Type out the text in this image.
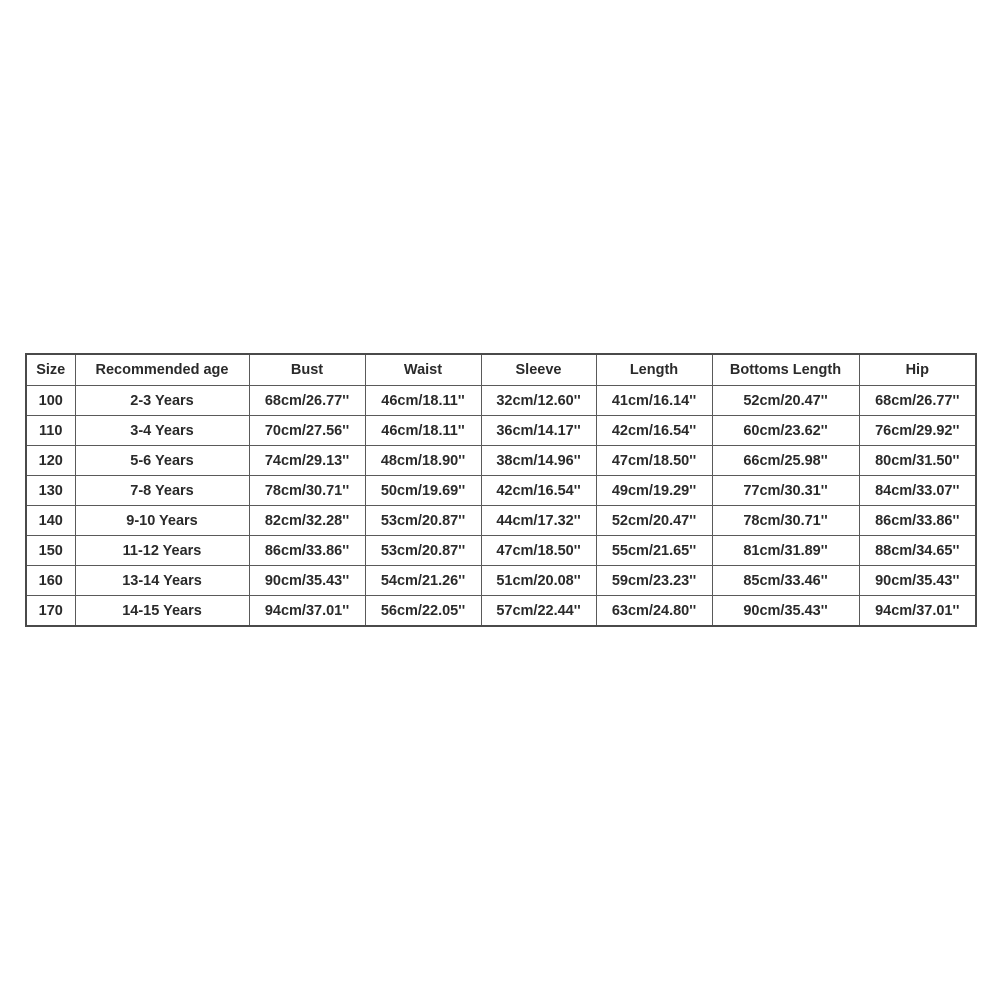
Size	Recommended age	Bust	Waist	Sleeve	Length	Bottoms Length	Hip
100	2-3 Years	68cm/26.77''	46cm/18.11''	32cm/12.60''	41cm/16.14''	52cm/20.47''	68cm/26.77''
110	3-4 Years	70cm/27.56''	46cm/18.11''	36cm/14.17''	42cm/16.54''	60cm/23.62''	76cm/29.92''
120	5-6 Years	74cm/29.13''	48cm/18.90''	38cm/14.96''	47cm/18.50''	66cm/25.98''	80cm/31.50''
130	7-8 Years	78cm/30.71''	50cm/19.69''	42cm/16.54''	49cm/19.29''	77cm/30.31''	84cm/33.07''
140	9-10 Years	82cm/32.28''	53cm/20.87''	44cm/17.32''	52cm/20.47''	78cm/30.71''	86cm/33.86''
150	11-12 Years	86cm/33.86''	53cm/20.87''	47cm/18.50''	55cm/21.65''	81cm/31.89''	88cm/34.65''
160	13-14 Years	90cm/35.43''	54cm/21.26''	51cm/20.08''	59cm/23.23''	85cm/33.46''	90cm/35.43''
170	14-15 Years	94cm/37.01''	56cm/22.05''	57cm/22.44''	63cm/24.80''	90cm/35.43''	94cm/37.01''
